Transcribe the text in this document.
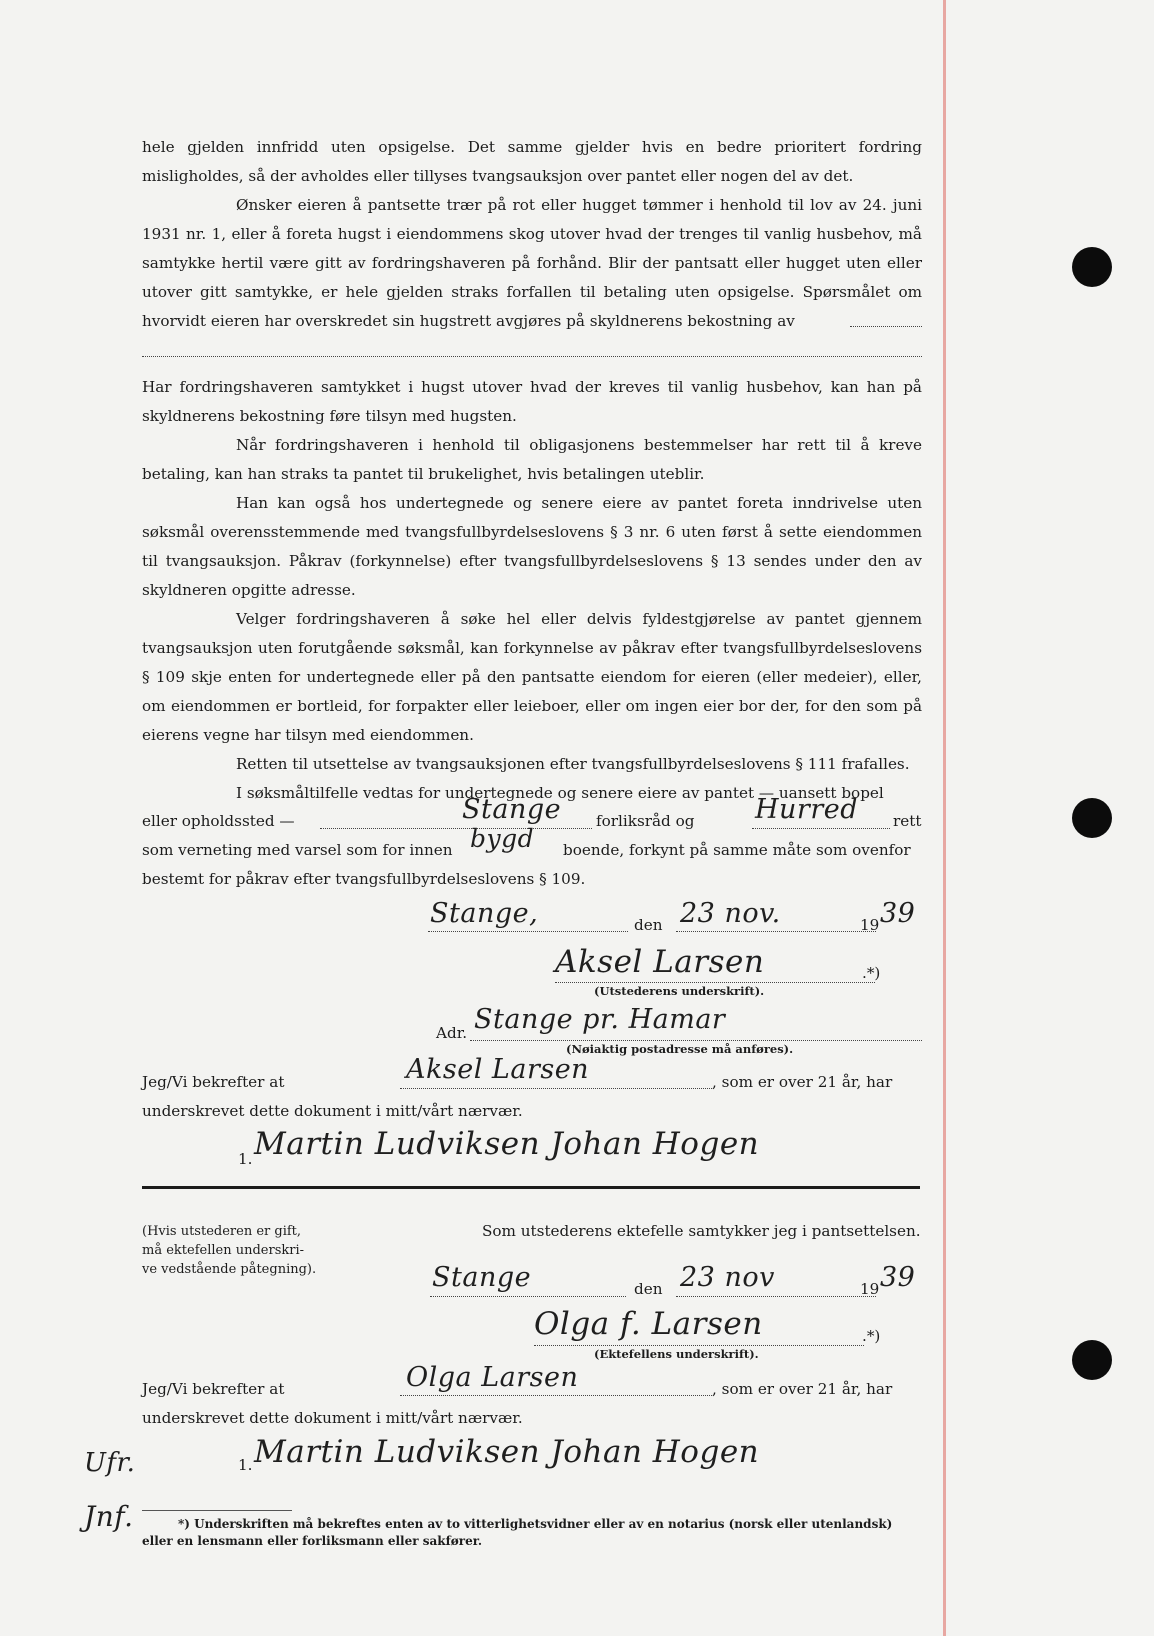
hele gjelden innfridd uten opsigelse. Det samme gjelder hvis en bedre prioritert fordring misligholdes, så der avholdes eller tillyses tvangsauksjon over pantet eller nogen del av det.

Ønsker eieren å pantsette trær på rot eller hugget tømmer i henhold til lov av 24. juni 1931 nr. 1, eller å foreta hugst i eiendommens skog utover hvad der trenges til vanlig husbehov, må samtykke hertil være gitt av fordringshaveren på forhånd. Blir der pantsatt eller hugget uten eller utover gitt samtykke, er hele gjelden straks forfallen til betaling uten opsigelse. Spørsmålet om hvorvidt eieren har overskredet sin hugstrett avgjøres på skyldnerens bekostning av

Har fordringshaveren samtykket i hugst utover hvad der kreves til vanlig husbehov, kan han på skyldnerens bekostning føre tilsyn med hugsten.

Når fordringshaveren i henhold til obligasjonens bestemmelser har rett til å kreve betaling, kan han straks ta pantet til brukelighet, hvis betalingen uteblir.

Han kan også hos undertegnede og senere eiere av pantet foreta inndrivelse uten søksmål overensstemmende med tvangsfullbyrdelseslovens § 3 nr. 6 uten først å sette eiendommen til tvangsauksjon. Påkrav (forkynnelse) efter tvangsfullbyrdelseslovens § 13 sendes under den av skyldneren opgitte adresse.

Velger fordringshaveren å søke hel eller delvis fyldestgjørelse av pantet gjennem tvangsauksjon uten forutgående søksmål, kan forkynnelse av påkrav efter tvangsfullbyrdelseslovens § 109 skje enten for undertegnede eller på den pantsatte eiendom for eieren (eller medeier), eller, om eiendommen er bortleid, for forpakter eller leieboer, eller om ingen eier bor der, for den som på eierens vegne har tilsyn med eiendommen.

Retten til utsettelse av tvangsauksjonen efter tvangsfullbyrdelseslovens § 111 frafalles.

I søksmåltilfelle vedtas for undertegnede og senere eiere av pantet — uansett bopel

eller opholdssted —	Stange forliksråd og Hurred rett
som verneting med varsel som for innen bygd boende, forkynt på samme måte som ovenfor
bestemt for påkrav efter tvangsfullbyrdelseslovens § 109.
Stange,	den 23 nov.	19 39
Aksel Larsen	.*)
(Utstederens underskrift).
Adr. Stange pr. Hamar
(Nøiaktig postadresse må anføres).
Jeg/Vi bekrefter at	Aksel Larsen	, som er over 21 år, har
underskrevet dette dokument i mitt/vårt nærvær.
1. Martin Ludviksen Johan Hogen
(Hvis utstederen er gift,
må ektefellen underskri-
ve vedstående påtegning).
Som utstederens ektefelle samtykker jeg i pantsettelsen.
Stange	den 23 nov	19 39
Olga f. Larsen	.*)
(Ektefellens underskrift).
Jeg/Vi bekrefter at	Olga Larsen	, som er over 21 år, har
underskrevet dette dokument i mitt/vårt nærvær.
1. Martin Ludviksen Johan Hogen
Ufr.
Jnf.	*) Underskriften må bekreftes enten av to vitterlighetsvidner eller av en notarius (norsk eller utenlandsk) eller en lensmann eller forliksmann eller sakfører.
